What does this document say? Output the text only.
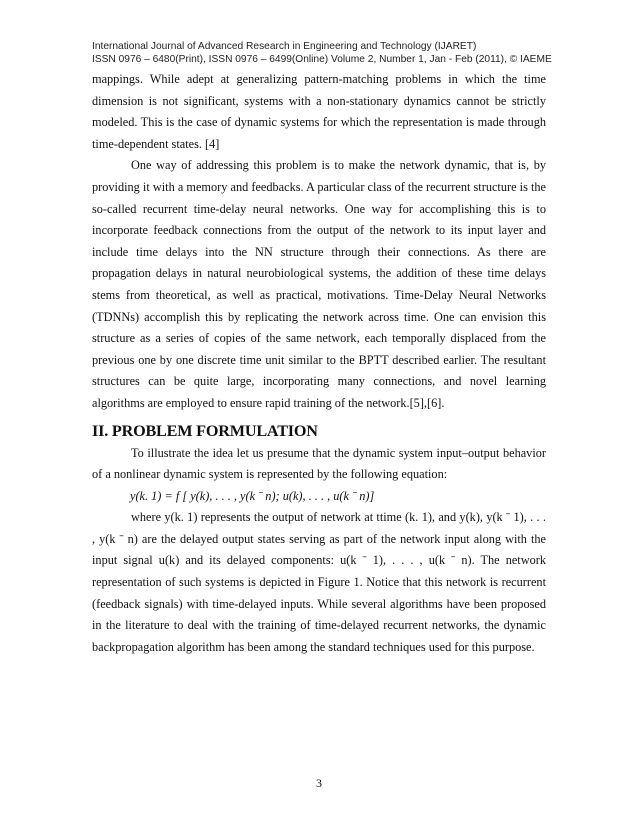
International Journal of Advanced Research in Engineering and Technology (IJARET)
ISSN 0976 – 6480(Print), ISSN 0976 – 6499(Online) Volume 2, Number 1, Jan - Feb (2011), © IAEME

mappings. While adept at generalizing pattern-matching problems in which the time dimension is not significant, systems with a non-stationary dynamics cannot be strictly modeled. This is the case of dynamic systems for which the representation is made through time-dependent states. [4]

One way of addressing this problem is to make the network dynamic, that is, by providing it with a memory and feedbacks. A particular class of the recurrent structure is the so-called recurrent time-delay neural networks. One way for accomplishing this is to incorporate feedback connections from the output of the network to its input layer and include time delays into the NN structure through their connections. As there are propagation delays in natural neurobiological systems, the addition of these time delays stems from theoretical, as well as practical, motivations. Time-Delay Neural Networks (TDNNs) accomplish this by replicating the network across time. One can envision this structure as a series of copies of the same network, each temporally displaced from the previous one by one discrete time unit similar to the BPTT described earlier. The resultant structures can be quite large, incorporating many connections, and novel learning algorithms are employed to ensure rapid training of the network.[5],[6].

II. PROBLEM FORMULATION

To illustrate the idea let us presume that the dynamic system input–output behavior of a nonlinear dynamic system is represented by the following equation:

y(k. 1) = f [ y(k), . . . , y(k ˉ n); u(k), . . . , u(k ˉ n)]

where y(k. 1) represents the output of network at ttime (k. 1), and y(k), y(k ˉ 1), . . . , y(k ˉ n) are the delayed output states serving as part of the network input along with the input signal u(k) and its delayed components: u(k ˉ 1), . . . , u(k ˉ n). The network representation of such systems is depicted in Figure 1. Notice that this network is recurrent (feedback signals) with time-delayed inputs. While several algorithms have been proposed in the literature to deal with the training of time-delayed recurrent networks, the dynamic backpropagation algorithm has been among the standard techniques used for this purpose.

3
